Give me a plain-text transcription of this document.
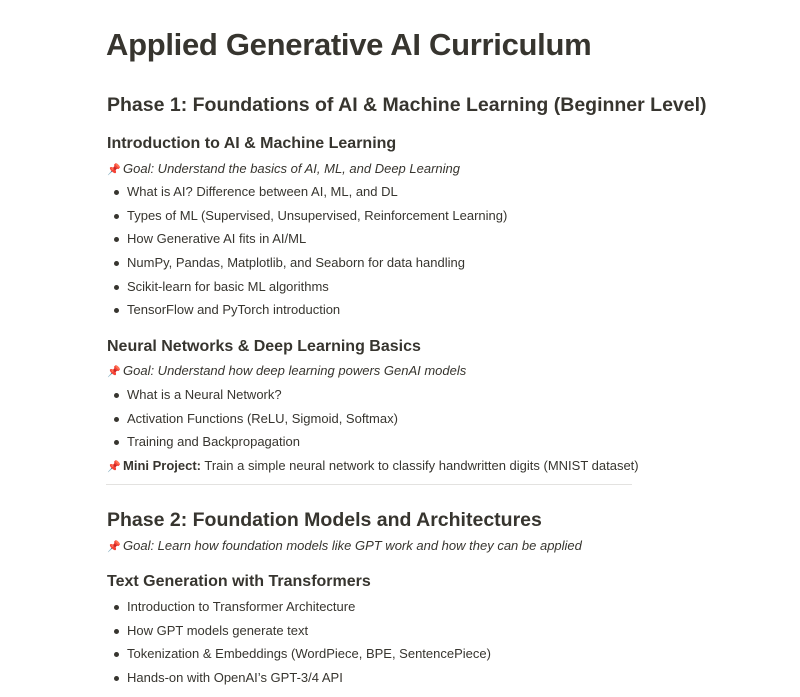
Applied Generative AI Curriculum
Phase 1: Foundations of AI & Machine Learning (Beginner Level)
Introduction to AI & Machine Learning
📌 Goal: Understand the basics of AI, ML, and Deep Learning
What is AI? Difference between AI, ML, and DL
Types of ML (Supervised, Unsupervised, Reinforcement Learning)
How Generative AI fits in AI/ML
NumPy, Pandas, Matplotlib, and Seaborn for data handling
Scikit-learn for basic ML algorithms
TensorFlow and PyTorch introduction
Neural Networks & Deep Learning Basics
📌 Goal: Understand how deep learning powers GenAI models
What is a Neural Network?
Activation Functions (ReLU, Sigmoid, Softmax)
Training and Backpropagation
📌 Mini Project: Train a simple neural network to classify handwritten digits (MNIST dataset)
Phase 2: Foundation Models and Architectures
📌 Goal: Learn how foundation models like GPT work and how they can be applied
Text Generation with Transformers
Introduction to Transformer Architecture
How GPT models generate text
Tokenization & Embeddings (WordPiece, BPE, SentencePiece)
Hands-on with OpenAI’s GPT-3/4 API
